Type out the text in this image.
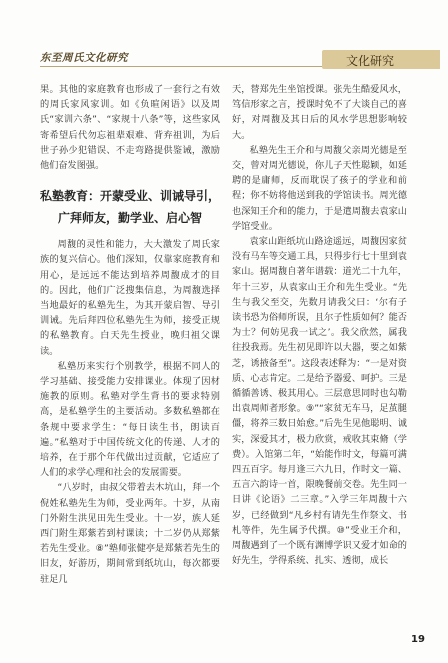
东至周氏文化研究	文化研究

果。其他的家庭教育也形成了一套行之有效的周氏家风家训。如《负暄闲语》以及周氏“家训六条”、“家规十八条”等，这些家风寄希望后代勿忘祖辈艰难、背弃祖训，为后世子孙少犯错误、不走弯路提供鉴诫，激励他们奋发图强。

私塾教育：开蒙受业、训诫导引，广拜师友，勤学业、启心智

周馥的灵性和能力，大大激发了周氏家族的复兴信心。他们深知，仅靠家庭教育和用心，是远远不能达到培养周馥成才的目的。因此，他们广泛搜集信息，为周馥选择当地最好的私塾先生，为其开蒙启智、导引训诫。先后拜四位私塾先生为师，接受正规的私塾教育。白天先生授业，晚归祖父课读。

私塾历来实行个别教学，根据不同人的学习基础、接受能力安排课业。体现了因材施教的原则。私塾对学生背书的要求特别高，是私塾学生的主要活动。多数私塾都在条规中要求学生：“每日读生书，朗读百遍。”私塾对于中国传统文化的传递、人才的培养，在于那个年代做出过贡献，它适应了人们的求学心理和社会的发展需要。

“八岁时，由叔父带着去木坑山，拜一个倪姓私塾先生为师，受业两年。十岁，从南门外附生洪见田先生受业。十一岁，族人延西门附生郑紫若到村课读；十二岁仍从郑紫若先生受业。⑧”塾师张健亭是郑紫若先生的旧友，好游历，期间常到纸坑山，每次都要驻足几

天，替郑先生坐馆授课。张先生酷爱风水，笃信形家之言，授课时免不了大谈自己的喜好，对周馥及其日后的风水学思想影响较大。

私塾先生王介和与周馥父亲周光德是至交，曾对周光德说，你儿子天性聪颖，如延聘的是庸师，反而耽误了孩子的学业和前程；你不妨将他送到我的学馆读书。周光德也深知王介和的能力，于是遣周馥去袁家山学馆受业。

袁家山距纸坑山路途遥远，周馥因家贫没有马车等交通工具，只得步行七十里到袁家山。据周馥自著年谱载：道光二十九年，年十三岁，从袁家山王介和先生受业。“先生与我父至交，先数月请我父曰：‘尔有子读书恐为俗师所误，且尔子性质如何？能否为士？何妨见我一试之’。我父欣然，属我往投我焉。先生初见即许以大器，要之如紫芝，诱掖备至”。这段表述释为：“一是对资质、心志肯定。二是给予器爱、呵护。三是循循善诱、极其用心。三层意思同时也勾勒出袁周师者形象。⑨”“家贫无车马，足茧腿僵，将养三数日始愈。”后先生见他聪明、诚实，深爱其才，极力欣赏，戒收其束脩（学费）。入馆第二年，“始能作时文，每篇可满四五百字。每月逢三六九日，作时文一篇、五言六韵诗一首，限晚餐前交卷。先生同一日讲《论语》二三章。”入学三年周馥十六岁，已经做到“凡乡村有请先生作祭文、书札等件，先生属予代撰。⑩”受业王介和，周馥遇到了一个既有渊博学识又爱才如命的好先生，学得系统、扎实、透彻，成长

19
